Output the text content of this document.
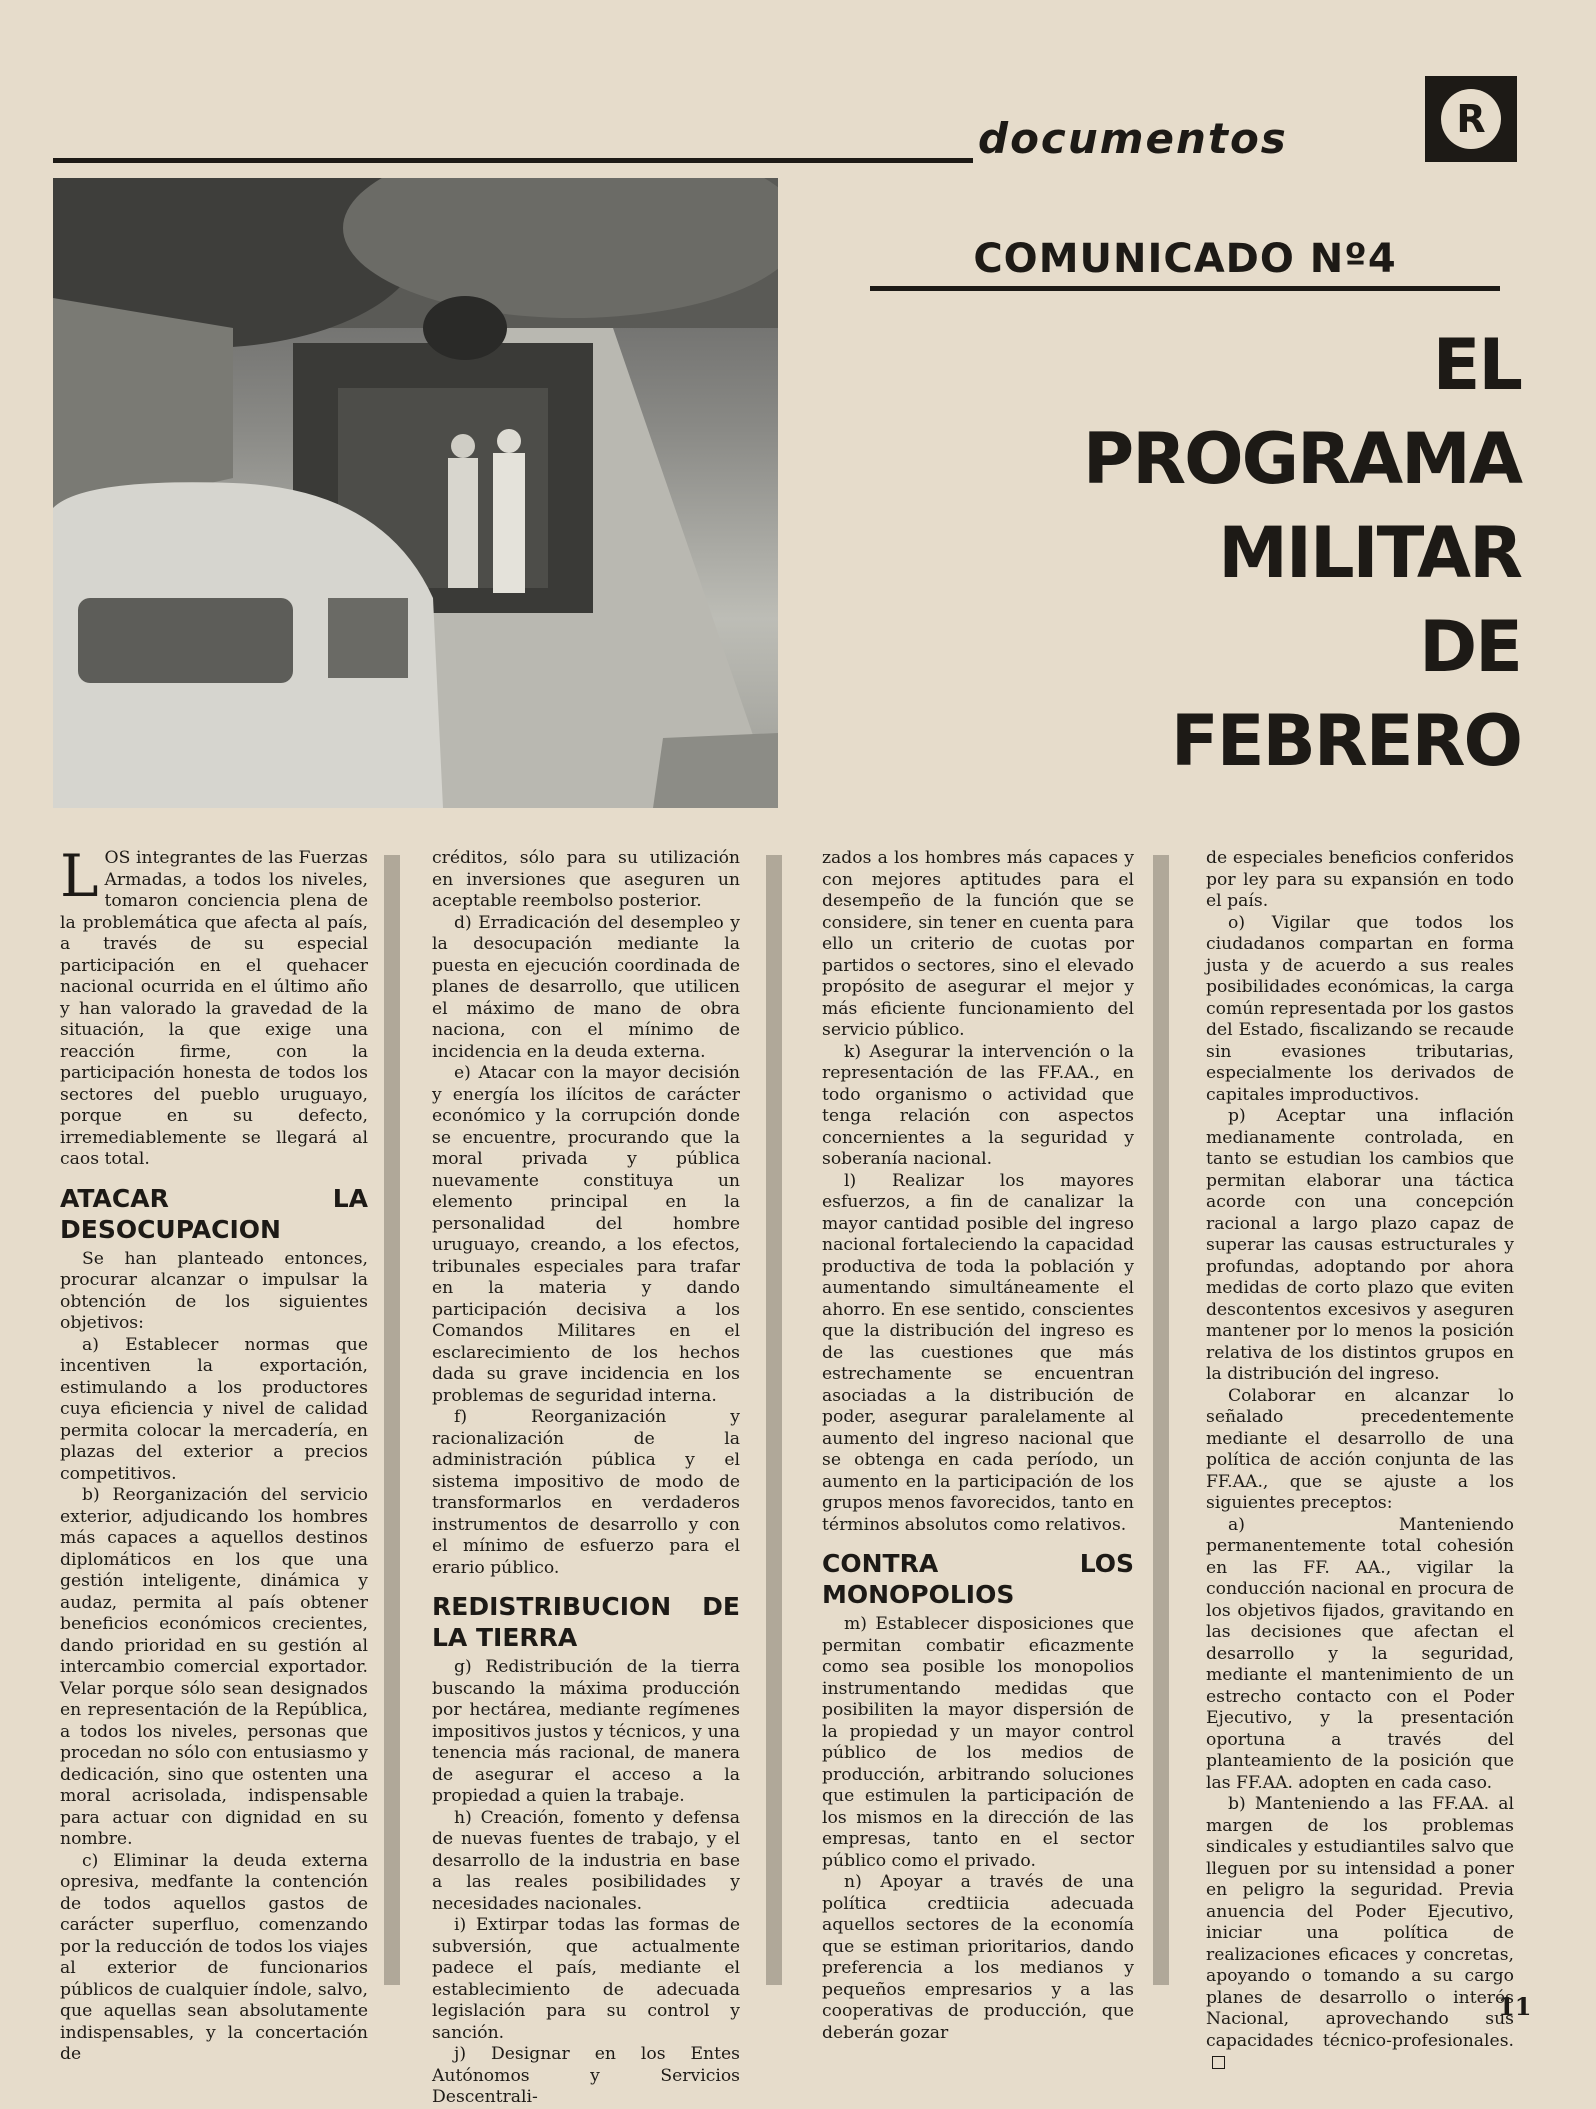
documentos	R
COMUNICADO Nº4
EL
PROGRAMA
MILITAR
DE
FEBRERO

LOS integrantes de las Fuerzas Armadas, a todos los niveles, tomaron conciencia plena de la problemática que afecta al país, a través de su especial participación en el quehacer nacional ocurrida en el último año y han valorado la gravedad de la situación, la que exige una reacción firme, con la participación honesta de todos los sectores del pueblo uruguayo, porque en su defecto, irremediablemente se llegará al caos total.

ATACAR LA DESOCUPACION

Se han planteado entonces, procurar alcanzar o impulsar la obtención de los siguientes objetivos:

a) Establecer normas que incentiven la exportación, estimulando a los productores cuya eficiencia y nivel de calidad permita colocar la mercadería, en plazas del exterior a precios competitivos.

b) Reorganización del servicio exterior, adjudicando los hombres más capaces a aquellos destinos diplomáticos en los que una gestión inteligente, dinámica y audaz, permita al país obtener beneficios económicos crecientes, dando prioridad en su gestión al intercambio comercial exportador. Velar porque sólo sean designados en representación de la República, a todos los niveles, personas que procedan no sólo con entusiasmo y dedicación, sino que ostenten una moral acrisolada, indispensable para actuar con dignidad en su nombre.

c) Eliminar la deuda externa opresiva, medfante la contención de todos aquellos gastos de carácter superfluo, comenzando por la reducción de todos los viajes al exterior de funcionarios públicos de cualquier índole, salvo, que aquellas sean absolutamente indispensables, y la concertación de

créditos, sólo para su utilización en inversiones que aseguren un aceptable reembolso posterior.

d) Erradicación del desempleo y la desocupación mediante la puesta en ejecución coordinada de planes de desarrollo, que utilicen el máximo de mano de obra naciona, con el mínimo de incidencia en la deuda externa.

e) Atacar con la mayor decisión y energía los ilícitos de carácter económico y la corrupción donde se encuentre, procurando que la moral privada y pública nuevamente constituya un elemento principal en la personalidad del hombre uruguayo, creando, a los efectos, tribunales especiales para trafar en la materia y dando participación decisiva a los Comandos Militares en el esclarecimiento de los hechos dada su grave incidencia en los problemas de seguridad interna.

f) Reorganización y racionalización de la administración pública y el sistema impositivo de modo de transformarlos en verdaderos instrumentos de desarrollo y con el mínimo de esfuerzo para el erario público.

REDISTRIBUCION DE LA TIERRA

g) Redistribución de la tierra buscando la máxima producción por hectárea, mediante regímenes impositivos justos y técnicos, y una tenencia más racional, de manera de asegurar el acceso a la propiedad a quien la trabaje.

h) Creación, fomento y defensa de nuevas fuentes de trabajo, y el desarrollo de la industria en base a las reales posibilidades y necesidades nacionales.

i) Extirpar todas las formas de subversión, que actualmente padece el país, mediante el establecimiento de adecuada legislación para su control y sanción.

j) Designar en los Entes Autónomos y Servicios Descentrali-

zados a los hombres más capaces y con mejores aptitudes para el desempeño de la función que se considere, sin tener en cuenta para ello un criterio de cuotas por partidos o sectores, sino el elevado propósito de asegurar el mejor y más eficiente funcionamiento del servicio público.

k) Asegurar la intervención o la representación de las FF.AA., en todo organismo o actividad que tenga relación con aspectos concernientes a la seguridad y soberanía nacional.

l) Realizar los mayores esfuerzos, a fin de canalizar la mayor cantidad posible del ingreso nacional fortaleciendo la capacidad productiva de toda la población y aumentando simultáneamente el ahorro. En ese sentido, conscientes que la distribución del ingreso es de las cuestiones que más estrechamente se encuentran asociadas a la distribución de poder, asegurar paralelamente al aumento del ingreso nacional que se obtenga en cada período, un aumento en la participación de los grupos menos favorecidos, tanto en términos absolutos como relativos.

CONTRA LOS MONOPOLIOS

m) Establecer disposiciones que permitan combatir eficazmente como sea posible los monopolios instrumentando medidas que posibiliten la mayor dispersión de la propiedad y un mayor control público de los medios de producción, arbitrando soluciones que estimulen la participación de los mismos en la dirección de las empresas, tanto en el sector público como el privado.

n) Apoyar a través de una política credtiicia adecuada aquellos sectores de la economía que se estiman prioritarios, dando preferencia a los medianos y pequeños empresarios y a las cooperativas de producción, que deberán gozar

de especiales beneficios conferidos por ley para su expansión en todo el país.

o) Vigilar que todos los ciudadanos compartan en forma justa y de acuerdo a sus reales posibilidades económicas, la carga común representada por los gastos del Estado, fiscalizando se recaude sin evasiones tributarias, especialmente los derivados de capitales improductivos.

p) Aceptar una inflación medianamente controlada, en tanto se estudian los cambios que permitan elaborar una táctica acorde con una concepción racional a largo plazo capaz de superar las causas estructurales y profundas, adoptando por ahora medidas de corto plazo que eviten descontentos excesivos y aseguren mantener por lo menos la posición relativa de los distintos grupos en la distribución del ingreso.

Colaborar en alcanzar lo señalado precedentemente mediante el desarrollo de una política de acción conjunta de las FF.AA., que se ajuste a los siguientes preceptos:

a) Manteniendo permanentemente total cohesión en las FF. AA., vigilar la conducción nacional en procura de los objetivos fijados, gravitando en las decisiones que afectan el desarrollo y la seguridad, mediante el mantenimiento de un estrecho contacto con el Poder Ejecutivo, y la presentación oportuna a través del planteamiento de la posición que las FF.AA. adopten en cada caso.

b) Manteniendo a las FF.AA. al margen de los problemas sindicales y estudiantiles salvo que lleguen por su intensidad a poner en peligro la seguridad. Previa anuencia del Poder Ejecutivo, iniciar una política de realizaciones eficaces y concretas, apoyando o tomando a su cargo planes de desarrollo o interés Nacional, aprovechando sus capacidades técnico-profesionales.

11
